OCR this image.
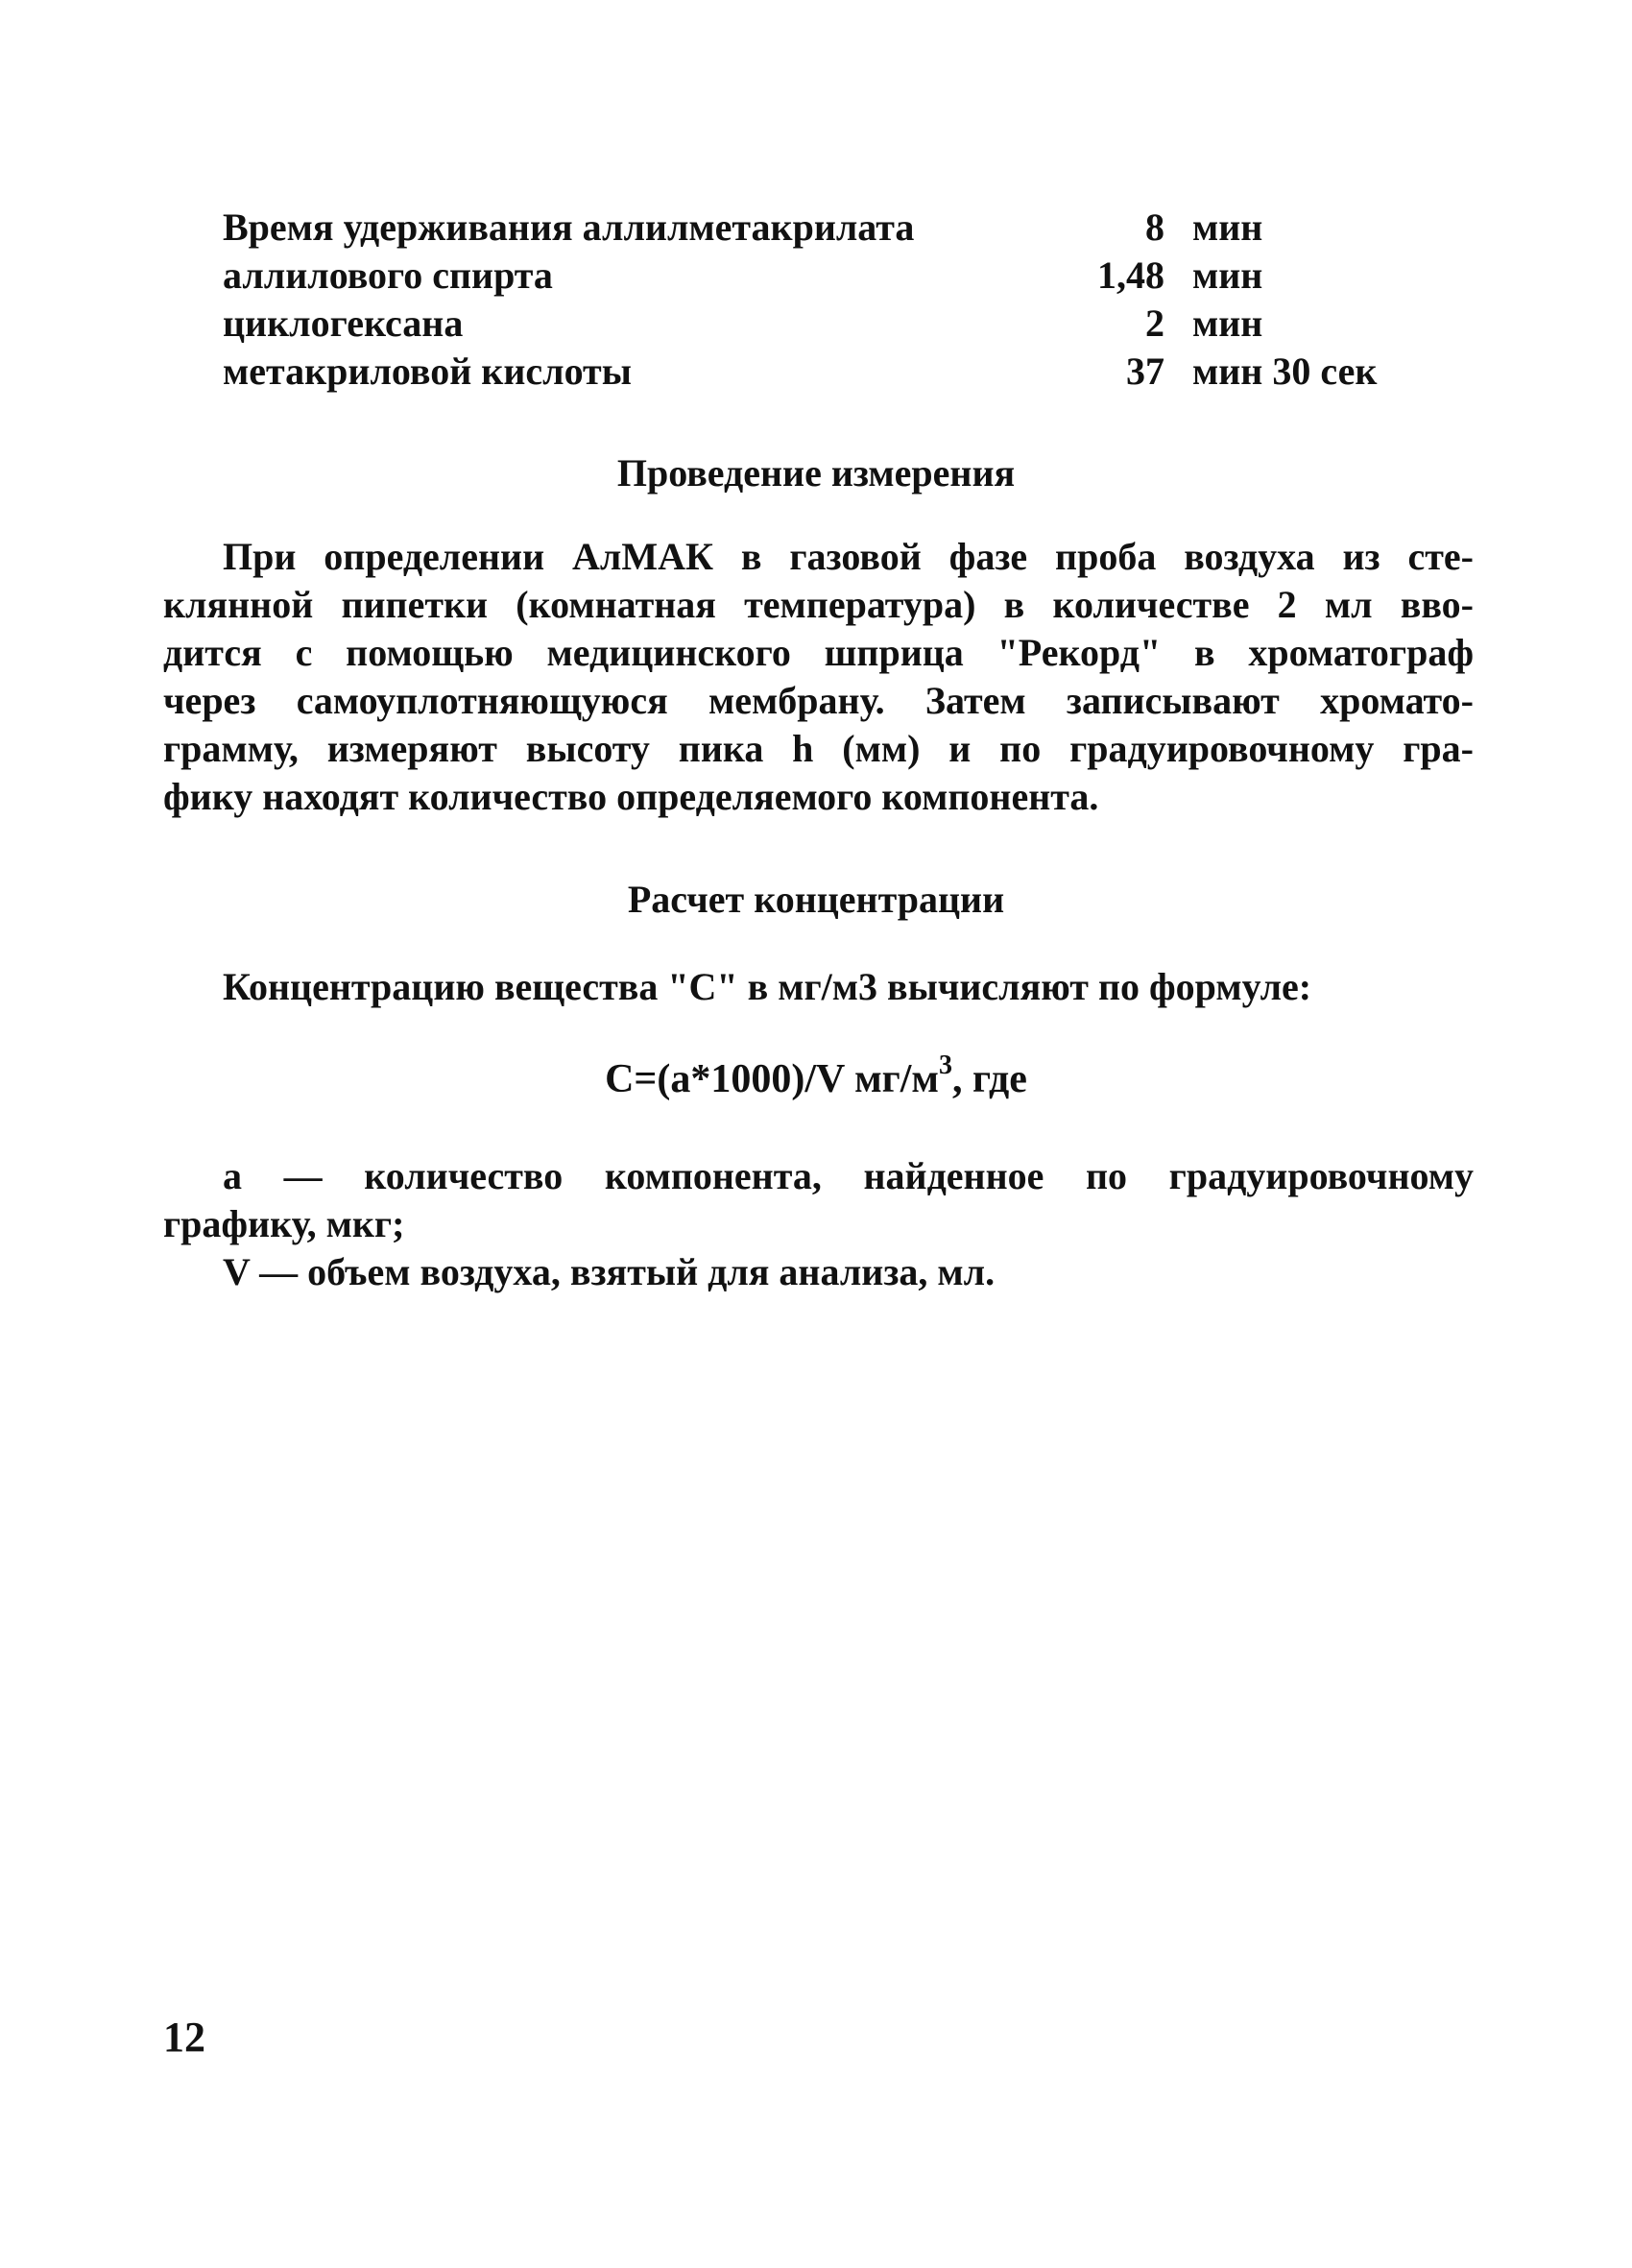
Время удерживания аллилметакрилата	8 мин
аллилового спирта	1,48 мин
циклогексана	2 мин
метакриловой кислоты	37 мин 30 сек
Проведение измерения
При определении АлМАК в газовой фазе проба воздуха из сте-
клянной пипетки (комнатная температура) в количестве 2 мл вво-
дится с помощью медицинского шприца "Рекорд" в хроматограф
через самоуплотняющуюся мембрану. Затем записывают хромато-
грамму, измеряют высоту пика h (мм) и по градуировочному гра-
фику находят количество определяемого компонента.
Расчет концентрации
Концентрацию вещества "С" в мг/м3 вычисляют по формуле:
С=(а*1000)/V $мг/м^3$, где
а — количество компонента, найденное по градуировочному
графику, мкг;
V — объем воздуха, взятый для анализа, мл.
12
